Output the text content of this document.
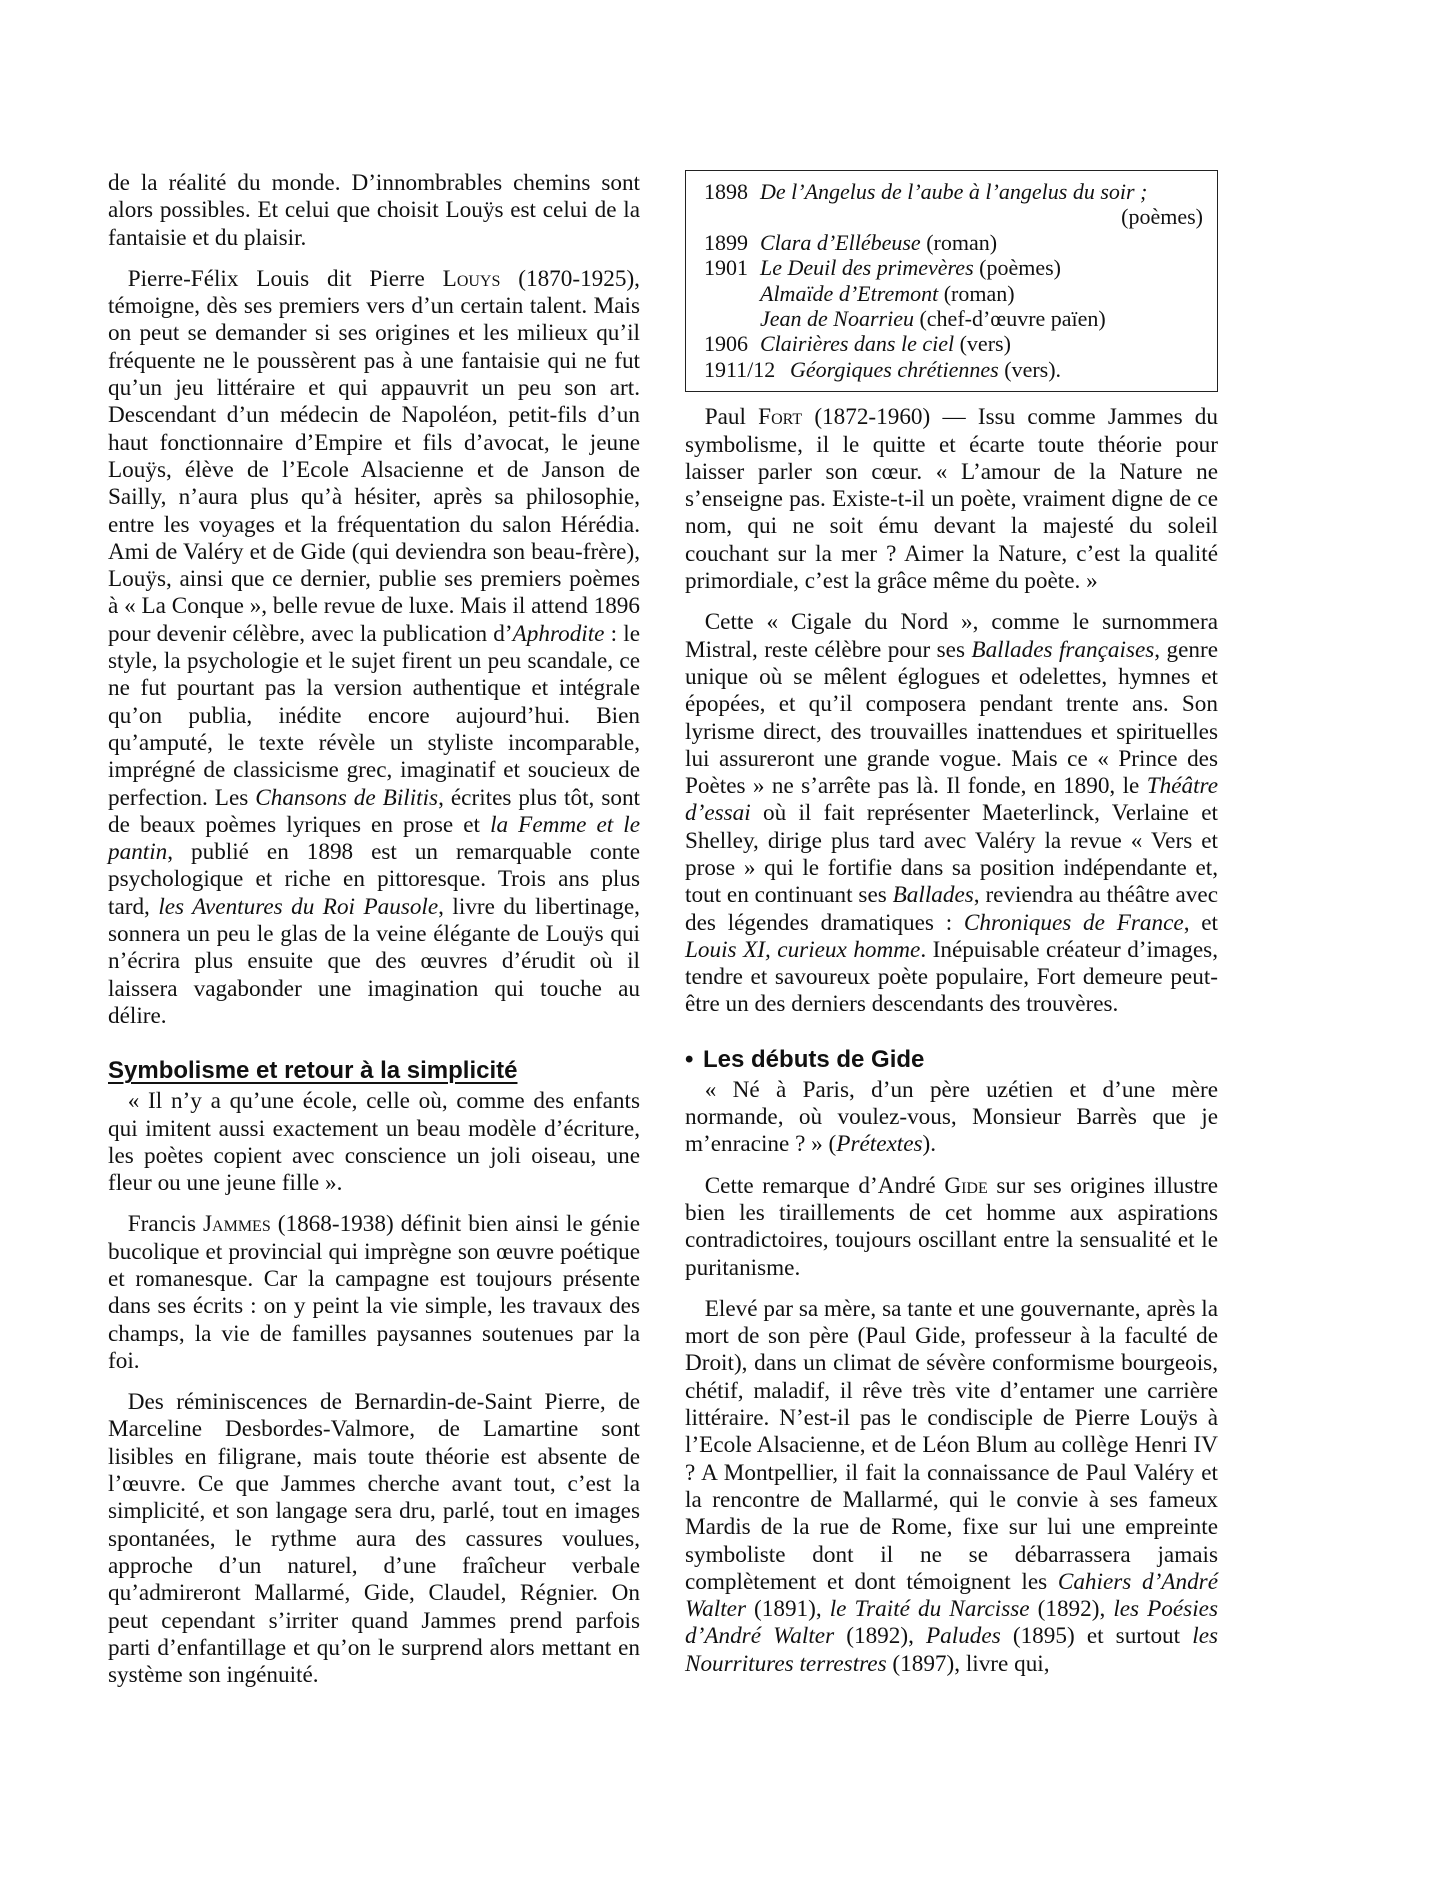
de la réalité du monde. D’innombrables chemins sont alors possibles. Et celui que choisit Louÿs est celui de la fantaisie et du plaisir.

Pierre-Félix Louis dit Pierre Louys (1870-1925), témoigne, dès ses premiers vers d’un certain talent. Mais on peut se demander si ses origines et les milieux qu’il fréquente ne le poussèrent pas à une fantaisie qui ne fut qu’un jeu littéraire et qui appauvrit un peu son art. Descendant d’un médecin de Napoléon, petit-fils d’un haut fonctionnaire d’Empire et fils d’avocat, le jeune Louÿs, élève de l’Ecole Alsacienne et de Janson de Sailly, n’aura plus qu’à hésiter, après sa philosophie, entre les voyages et la fréquentation du salon Hérédia. Ami de Valéry et de Gide (qui deviendra son beau-frère), Louÿs, ainsi que ce dernier, publie ses premiers poèmes à « La Conque », belle revue de luxe. Mais il attend 1896 pour devenir célèbre, avec la publication d’Aphrodite : le style, la psychologie et le sujet firent un peu scandale, ce ne fut pourtant pas la version authentique et intégrale qu’on publia, inédite encore aujourd’hui. Bien qu’amputé, le texte révèle un styliste incomparable, imprégné de classicisme grec, imaginatif et soucieux de perfection. Les Chansons de Bilitis, écrites plus tôt, sont de beaux poèmes lyriques en prose et la Femme et le pantin, publié en 1898 est un remarquable conte psychologique et riche en pittoresque. Trois ans plus tard, les Aventures du Roi Pausole, livre du libertinage, sonnera un peu le glas de la veine élégante de Louÿs qui n’écrira plus ensuite que des œuvres d’érudit où il laissera vagabonder une imagination qui touche au délire.

Symbolisme et retour à la simplicité

« Il n’y a qu’une école, celle où, comme des enfants qui imitent aussi exactement un beau modèle d’écriture, les poètes copient avec conscience un joli oiseau, une fleur ou une jeune fille ».

Francis Jammes (1868-1938) définit bien ainsi le génie bucolique et provincial qui imprègne son œuvre poétique et romanesque. Car la campagne est toujours présente dans ses écrits : on y peint la vie simple, les travaux des champs, la vie de familles paysannes soutenues par la foi.

Des réminiscences de Bernardin-de-Saint Pierre, de Marceline Desbordes-Valmore, de Lamartine sont lisibles en filigrane, mais toute théorie est absente de l’œuvre. Ce que Jammes cherche avant tout, c’est la simplicité, et son langage sera dru, parlé, tout en images spontanées, le rythme aura des cassures voulues, approche d’un naturel, d’une fraîcheur verbale qu’admireront Mallarmé, Gide, Claudel, Régnier. On peut cependant s’irriter quand Jammes prend parfois parti d’enfantillage et qu’on le surprend alors mettant en système son ingénuité.

1898 De l’Angelus de l’aube à l’angelus du soir ;
(poèmes)
1899 Clara d’Ellébeuse (roman)
1901 Le Deuil des primevères (poèmes)
Almaïde d’Etremont (roman)
Jean de Noarrieu (chef-d’œuvre païen)
1906 Clairières dans le ciel (vers)
1911/12 Géorgiques chrétiennes (vers).

Paul Fort (1872-1960) — Issu comme Jammes du symbolisme, il le quitte et écarte toute théorie pour laisser parler son cœur. « L’amour de la Nature ne s’enseigne pas. Existe-t-il un poète, vraiment digne de ce nom, qui ne soit ému devant la majesté du soleil couchant sur la mer ? Aimer la Nature, c’est la qualité primordiale, c’est la grâce même du poète. »

Cette « Cigale du Nord », comme le surnommera Mistral, reste célèbre pour ses Ballades françaises, genre unique où se mêlent églogues et odelettes, hymnes et épopées, et qu’il composera pendant trente ans. Son lyrisme direct, des trouvailles inattendues et spirituelles lui assureront une grande vogue. Mais ce « Prince des Poètes » ne s’arrête pas là. Il fonde, en 1890, le Théâtre d’essai où il fait représenter Maeterlinck, Verlaine et Shelley, dirige plus tard avec Valéry la revue « Vers et prose » qui le fortifie dans sa position indépendante et, tout en continuant ses Ballades, reviendra au théâtre avec des légendes dramatiques : Chroniques de France, et Louis XI, curieux homme. Inépuisable créateur d’images, tendre et savoureux poète populaire, Fort demeure peut-être un des derniers descendants des trouvères.

• Les débuts de Gide

« Né à Paris, d’un père uzétien et d’une mère normande, où voulez-vous, Monsieur Barrès que je m’enracine ? » (Prétextes).

Cette remarque d’André Gide sur ses origines illustre bien les tiraillements de cet homme aux aspirations contradictoires, toujours oscillant entre la sensualité et le puritanisme.

Elevé par sa mère, sa tante et une gouvernante, après la mort de son père (Paul Gide, professeur à la faculté de Droit), dans un climat de sévère conformisme bourgeois, chétif, maladif, il rêve très vite d’entamer une carrière littéraire. N’est-il pas le condisciple de Pierre Louÿs à l’Ecole Alsacienne, et de Léon Blum au collège Henri IV ? A Montpellier, il fait la connaissance de Paul Valéry et la rencontre de Mallarmé, qui le convie à ses fameux Mardis de la rue de Rome, fixe sur lui une empreinte symboliste dont il ne se débarrassera jamais complètement et dont témoignent les Cahiers d’André Walter (1891), le Traité du Narcisse (1892), les Poésies d’André Walter (1892), Paludes (1895) et surtout les Nourritures terrestres (1897), livre qui,
